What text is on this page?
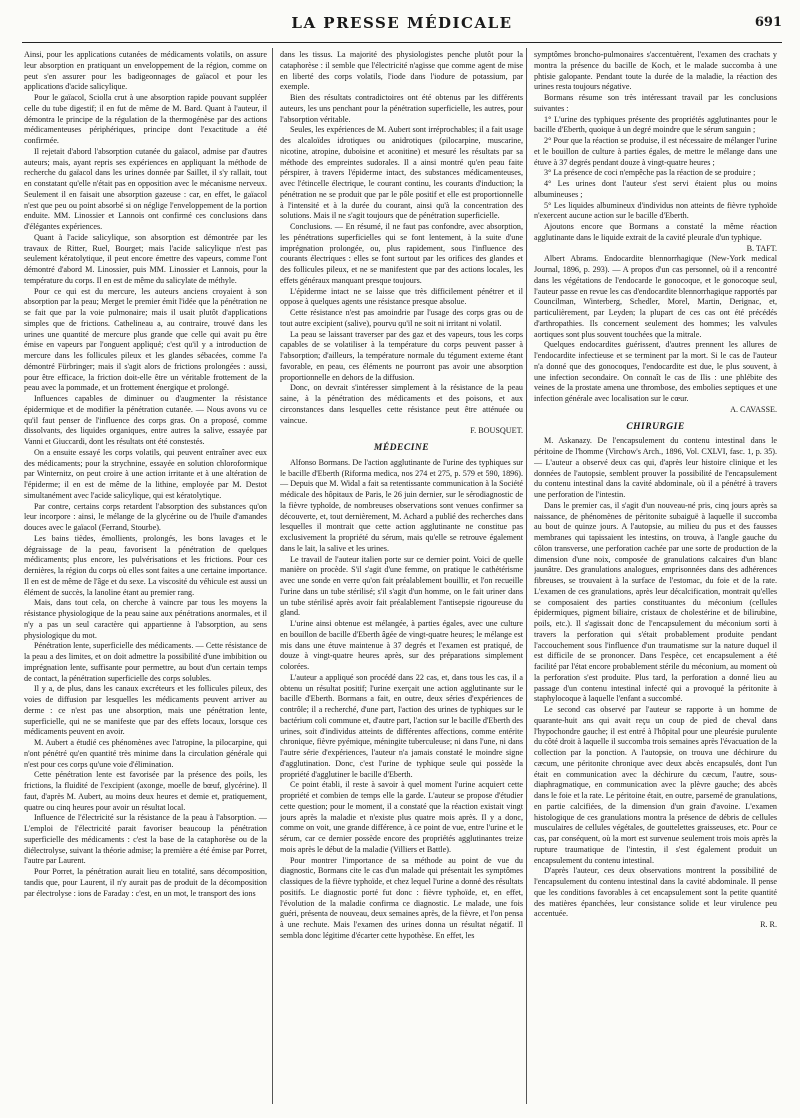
LA PRESSE MÉDICALE	691

Ainsi, pour les applications cutanées de médicaments volatils, on assure leur absorption en pratiquant un enveloppement de la région, comme on peut s'en assurer pour les badigeonnages de gaïacol et pour les applications d'acide salicylique.

Pour le gaïacol, Sciolla crut à une absorption rapide pouvant suppléer celle du tube digestif; il en fut de même de M. Bard. Quant à l'auteur, il démontra le principe de la régulation de la thermogénèse par des actions médicamenteuses périphériques, principe dont l'exactitude a été confirmée.

Il rejetait d'abord l'absorption cutanée du gaïacol, admise par d'autres auteurs; mais, ayant repris ses expériences en appliquant la méthode de recherche du gaïacol dans les urines donnée par Saillet, il s'y rallait, tout en constatant qu'elle n'était pas en opposition avec le mécanisme nerveux. Seulement il en faisait une absorption gazeuse : car, en effet, le gaïacol n'est que peu ou point absorbé si on néglige l'enveloppement de la portion enduite. MM. Linossier et Lannois ont confirmé ces conclusions dans d'élégantes expériences.

Quant à l'acide salicylique, son absorption est démontrée par les travaux de Ritter, Ruel, Bourget; mais l'acide salicylique n'est pas seulement kératolytique, il peut encore émettre des vapeurs, comme l'ont démontré d'abord M. Linossier, puis MM. Linossier et Lannois, pour la température du corps. Il en est de même du salicylate de méthyle.

Pour ce qui est du mercure, les auteurs anciens croyaient à son absorption par la peau; Merget le premier émit l'idée que la pénétration ne se fait que par la voie pulmonaire; mais il usait plutôt d'applications simples que de frictions. Cathelineau a, au contraire, trouvé dans les urines une quantité de mercure plus grande que celle qui avait pu être émise en vapeurs par l'onguent appliqué; c'est qu'il y a introduction de mercure dans les follicules pileux et les glandes sébacées, comme l'a démontré Fürbringer; mais il s'agit alors de frictions prolongées : aussi, pour être efficace, la friction doit-elle être un véritable frottement de la peau avec la pommade, et un frottement énergique et prolongé.

Influences capables de diminuer ou d'augmenter la résistance épidermique et de modifier la pénétration cutanée. — Nous avons vu ce qu'il faut penser de l'influence des corps gras. On a proposé, comme dissolvants, des liquides organiques, entre autres la salive, essayée par Vanni et Giuccardi, dont les résultats ont été constestés.

On a ensuite essayé les corps volatils, qui peuvent entraîner avec eux des médicaments; pour la strychnine, essayée en solution chloroformique par Winternitz, on peut croire à une action irritante et à une altération de l'épiderme; il en est de même de la lithine, employée par M. Destot simultanément avec l'acide salicylique, qui est kératolytique.

Par contre, certains corps retardent l'absorption des substances qu'on leur incorpore : ainsi, le mélange de la glycérine ou de l'huile d'amandes douces avec le gaïacol (Ferrand, Stourbe).

Les bains tièdes, émollients, prolongés, les bons lavages et le dégraissage de la peau, favorisent la pénétration de quelques médicaments; plus encore, les pulvérisations et les frictions. Pour ces dernières, la région du corps où elles sont faites a une certaine importance. Il en est de même de l'âge et du sexe. La viscosité du véhicule est aussi un élément de succès, la lanoline étant au premier rang.

Mais, dans tout cela, on cherche à vaincre par tous les moyens la résistance physiologique de la peau saine aux pénétrations anormales, et il n'y a pas un seul caractère qui appartienne à l'absorption, au sens physiologique du mot.

Pénétration lente, superficielle des médicaments. — Cette résistance de la peau a des limites, et on doit admettre la possibilité d'une imbibition ou imprégnation lente, suffisante pour permettre, au bout d'un certain temps de contact, la pénétration superficielle des corps solubles.

Il y a, de plus, dans les canaux excréteurs et les follicules pileux, des voies de diffusion par lesquelles les médicaments peuvent arriver au derme : ce n'est pas une absorption, mais une pénétration lente, superficielle, qui ne se manifeste que par des effets locaux, lorsque ces médicaments peuvent en avoir.

M. Aubert a étudié ces phénomènes avec l'atropine, la pilocarpine, qui n'ont pénétré qu'en quantité très minime dans la circulation générale qui n'est pour ces corps qu'une voie d'élimination.

Cette pénétration lente est favorisée par la présence des poils, les frictions, la fluidité de l'excipient (axonge, moelle de bœuf, glycérine). Il faut, d'après M. Aubert, au moins deux heures et demie et, pratiquement, quatre ou cinq heures pour avoir un résultat local.

Influence de l'électricité sur la résistance de la peau à l'absorption. — L'emploi de l'électricité parait favoriser beaucoup la pénétration superficielle des médicaments : c'est la base de la cataphorèse ou de la diélectrolyse, suivant la théorie admise; la première a été émise par Porret, l'autre par Laurent.

Pour Porret, la pénétration aurait lieu en totalité, sans décomposition, tandis que, pour Laurent, il n'y aurait pas de produit de la décomposition par électrolyse : ions de Faraday : c'est, en un mot, le transport des ions

dans les tissus. La majorité des physiologistes penche plutôt pour la cataphorèse : il semble que l'électricité n'agisse que comme agent de mise en liberté des corps volatils, l'iode dans l'iodure de potassium, par exemple.

Bien des résultats contradictoires ont été obtenus par les différents auteurs, les uns penchant pour la pénétration superficielle, les autres, pour l'absorption véritable.

Seules, les expériences de M. Aubert sont irréprochables; il a fait usage des alcaloïdes idrotiques ou anidrotiques (pilocarpine, muscarine, nicotine, atropine, duboisine et aconitine) et mesuré les résultats par sa méthode des empreintes sudorales. Il a ainsi montré qu'en peau faite pérspirer, à travers l'épiderme intact, des substances médicamenteuses, avec l'étincelle électrique, le courant continu, les courants d'induction; la pénétration ne se produit que par le pôle positif et elle est proportionnelle à l'intensité et à la durée du courant, ainsi qu'à la concentration des solutions. Mais il ne s'agit toujours que de pénétration superficielle.

Conclusions. — En résumé, il ne faut pas confondre, avec absorption, les pénétrations superficielles qui se font lentement, à la suite d'une imprégnation prolongée, ou, plus rapidement, sous l'influence des courants électriques : elles se font surtout par les orifices des glandes et des follicules pileux, et ne se manifestent que par des actions locales, les effets généraux manquant presque toujours.

L'épiderme intact ne se laisse que très difficilement pénétrer et il oppose à quelques agents une résistance presque absolue.

Cette résistance n'est pas amoindrie par l'usage des corps gras ou de tout autre excipient (salive), pourvu qu'il ne soit ni irritant ni volatil.

La peau se laissant traverser par des gaz et des vapeurs, tous les corps capables de se volatiliser à la température du corps peuvent passer à l'absorption; d'ailleurs, la température normale du tégument externe étant favorable, en peau, ces éléments ne pourront pas avoir une absorption proportionnelle en dehors de la diffusion.

Donc, on devrait s'intéresser simplement à la résistance de la peau saine, à la pénétration des médicaments et des poisons, et aux circonstances dans lesquelles cette résistance peut être atténuée ou vaincue.

F. BOUSQUET.

MÉDECINE

Alfonso Bormans. De l'action agglutinante de l'urine des typhiques sur le bacille d'Eberth (Riforma medica, nos 274 et 275, p. 579 et 590, 1896). — Depuis que M. Widal a fait sa retentissante communication à la Société médicale des hôpitaux de Paris, le 26 juin dernier, sur le sérodiagnostic de la fièvre typhoïde, de nombreuses observations sont venues confirmer sa découverte, et, tout dernièrement, M. Achard a publié des recherches dans lesquelles il montrait que cette action agglutinante ne constitue pas exclusivement la propriété du sérum, mais qu'elle se retrouve également dans le lait, la salive et les urines.

Le travail de l'auteur italien porte sur ce dernier point. Voici de quelle manière on procède. S'il s'agit d'une femme, on pratique le cathétérisme avec une sonde en verre qu'on fait préalablement bouillir, et l'on recueille l'urine dans un tube stérilisé; s'il s'agit d'un homme, on le fait uriner dans un tube stérilisé après avoir fait préalablement l'antisepsie rigoureuse du gland.

L'urine ainsi obtenue est mélangée, à parties égales, avec une culture en bouillon de bacille d'Eberth âgée de vingt-quatre heures; le mélange est mis dans une étuve maintenue à 37 degrés et l'examen est pratiqué, de douze à vingt-quatre heures après, sur des préparations simplement colorées.

L'auteur a appliqué son procédé dans 22 cas, et, dans tous les cas, il a obtenu un résultat positif; l'urine exerçait une action agglutinante sur le bacille d'Eberth. Bormans a fait, en outre, deux séries d'expériences de contrôle; il a recherché, d'une part, l'action des urines de typhiques sur le bactérium coli commune et, d'autre part, l'action sur le bacille d'Eberth des urines, soit d'individus atteints de différentes affections, comme entérite chronique, fièvre pyémique, méningite tuberculeuse; ni dans l'une, ni dans l'autre série d'expériences, l'auteur n'a jamais constaté le moindre signe d'agglutination. Donc, c'est l'urine de typhique seule qui possède la propriété d'agglutiner le bacille d'Eberth.

Ce point établi, il reste à savoir à quel moment l'urine acquiert cette propriété et combien de temps elle la garde. L'auteur se propose d'étudier cette question; pour le moment, il a constaté que la réaction existait vingt jours après la maladie et n'existe plus quatre mois après. Il y a donc, comme on voit, une grande différence, à ce point de vue, entre l'urine et le sérum, car ce dernier possède encore des propriétés agglutinantes treize mois après le début de la maladie (Villiers et Battle).

Pour montrer l'importance de sa méthode au point de vue du diagnostic, Bormans cite le cas d'un malade qui présentait les symptômes classiques de la fièvre typhoïde, et chez lequel l'urine a donné des résultats positifs. Le diagnostic porté fut donc : fièvre typhoïde, et, en effet, l'évolution de la maladie confirma ce diagnostic. Le malade, une fois guéri, présenta de nouveau, deux semaines après, de la fièvre, et l'on pensa à une rechute. Mais l'examen des urines donna un résultat négatif. Il sembla donc légitime d'écarter cette hypothèse. En effet, les

symptômes broncho-pulmonaires s'accentuèrent, l'examen des crachats y montra la présence du bacille de Koch, et le malade succomba à une phtisie galopante. Pendant toute la durée de la maladie, la réaction des urines resta toujours négative.

Bormans résume son très intéressant travail par les conclusions suivantes :

1° L'urine des typhiques présente des propriétés agglutinantes pour le bacille d'Eberth, quoique à un degré moindre que le sérum sanguin ;

2° Pour que la réaction se produise, il est nécessaire de mélanger l'urine et le bouillon de culture à parties égales, de mettre le mélange dans une étuve à 37 degrés pendant douze à vingt-quatre heures ;

3° La présence de coci n'empêche pas la réaction de se produire ;

4° Les urines dont l'auteur s'est servi étaient plus ou moins albumineuses ;

5° Les liquides albumineux d'individus non atteints de fièvre typhoïde n'exercent aucune action sur le bacille d'Eberth.

Ajoutons encore que Bormans a constaté la même réaction agglutinante dans le liquide extrait de la cavité pleurale d'un typhique.

B. TAFT.

Albert Abrams. Endocardite blennorrhagique (New-York medical Journal, 1896, p. 293). — A propos d'un cas personnel, où il a rencontré dans les végétations de l'endocarde le gonocoque, et le gonocoque seul, l'auteur passe en revue les cas d'endocardite blennorrhagique rapportés par Councilman, Winterberg, Schedler, Morel, Martin, Derignac, et, particulièrement, par Leyden; la plupart de ces cas ont été précédés d'arthropathies. Ils concernent seulement des hommes; les valvules aortiques sont plus souvent touchées que la mitrale.

Quelques endocardites guérissent, d'autres prennent les allures de l'endocardite infectieuse et se terminent par la mort. Si le cas de l'auteur n'a donné que des gonocoques, l'endocardite est due, le plus souvent, à une infection secondaire. On connaît le cas de Ilis : une phlébite des veines de la prostate amena une thrombose, des embolies septiques et une infection générale avec localisation sur le cœur.

A. CAVASSE.

CHIRURGIE

M. Askanazy. De l'encapsulement du contenu intestinal dans le péritoine de l'homme (Virchow's Arch., 1896, Vol. CXLVI, fasc. 1, p. 35). — L'auteur a observé deux cas qui, d'après leur histoire clinique et les données de l'autopsie, semblent prouver la possibilité de l'encapsulement du contenu intestinal dans la cavité abdominale, où il a pénétré à travers une perforation de l'intestin.

Dans le premier cas, il s'agit d'un nouveau-né pris, cinq jours après sa naissance, de phénomènes de péritonite subaiguë à laquelle il succomba au bout de quinze jours. A l'autopsie, au milieu du pus et des fausses membranes qui tapissaient les intestins, on trouva, à l'angle gauche du côlon transverse, une perforation cachée par une sorte de production de la dimension d'une noix, composée de granulations calcaires d'un blanc jaunâtre. Des granulations analogues, emprisonnées dans des adhérences fibreuses, se trouvaient à la surface de l'estomac, du foie et de la rate. L'examen de ces granulations, après leur décalcification, montrait qu'elles se composaient des parties constituantes du méconium (cellules épidermiques, pigment biliaire, cristaux de cholestérine et de bilirubine, poils, etc.). Il s'agissait donc de l'encapsulement du méconium sorti à travers la perforation qui s'était probablement produite pendant l'accouchement sous l'influence d'un traumatisme sur la nature duquel il est difficile de se prononcer. Dans l'espèce, cet encapsulement a été facilité par l'état encore probablement stérile du méconium, au moment où la perforation s'est produite. Plus tard, la perforation a donné lieu au passage d'un contenu intestinal infecté qui a provoqué la péritonite à staphylocoque à laquelle l'enfant a succombé.

Le second cas observé par l'auteur se rapporte à un homme de quarante-huit ans qui avait reçu un coup de pied de cheval dans l'hypochondre gauche; il est entré à l'hôpital pour une pleurésie purulente du côté droit à laquelle il succomba trois semaines après l'évacuation de la collection par la ponction. A l'autopsie, on trouva une déchirure du cæcum, une péritonite chronique avec deux abcès encapsulés, dont l'un était en communication avec la déchirure du cæcum, l'autre, sous-diaphragmatique, en communication avec la plèvre gauche; des abcès dans le foie et la rate. Le péritoine était, en outre, parsemé de granulations, en partie calcifiées, de la dimension d'un grain d'avoine. L'examen histologique de ces granulations montra la présence de débris de cellules musculaires de cellules végétales, de gouttelettes graisseuses, etc. Pour ce cas, par conséquent, où la mort est survenue seulement trois mois après la rupture traumatique de l'intestin, il s'est également produit un encapsulement du contenu intestinal.

D'après l'auteur, ces deux observations montrent la possibilité de l'encapsulement du contenu intestinal dans la cavité abdominale. Il pense que les conditions favorables à cet encapsulement sont la petite quantité des matières épanchées, leur consistance solide et leur virulence peu accentuée.

R. R.
